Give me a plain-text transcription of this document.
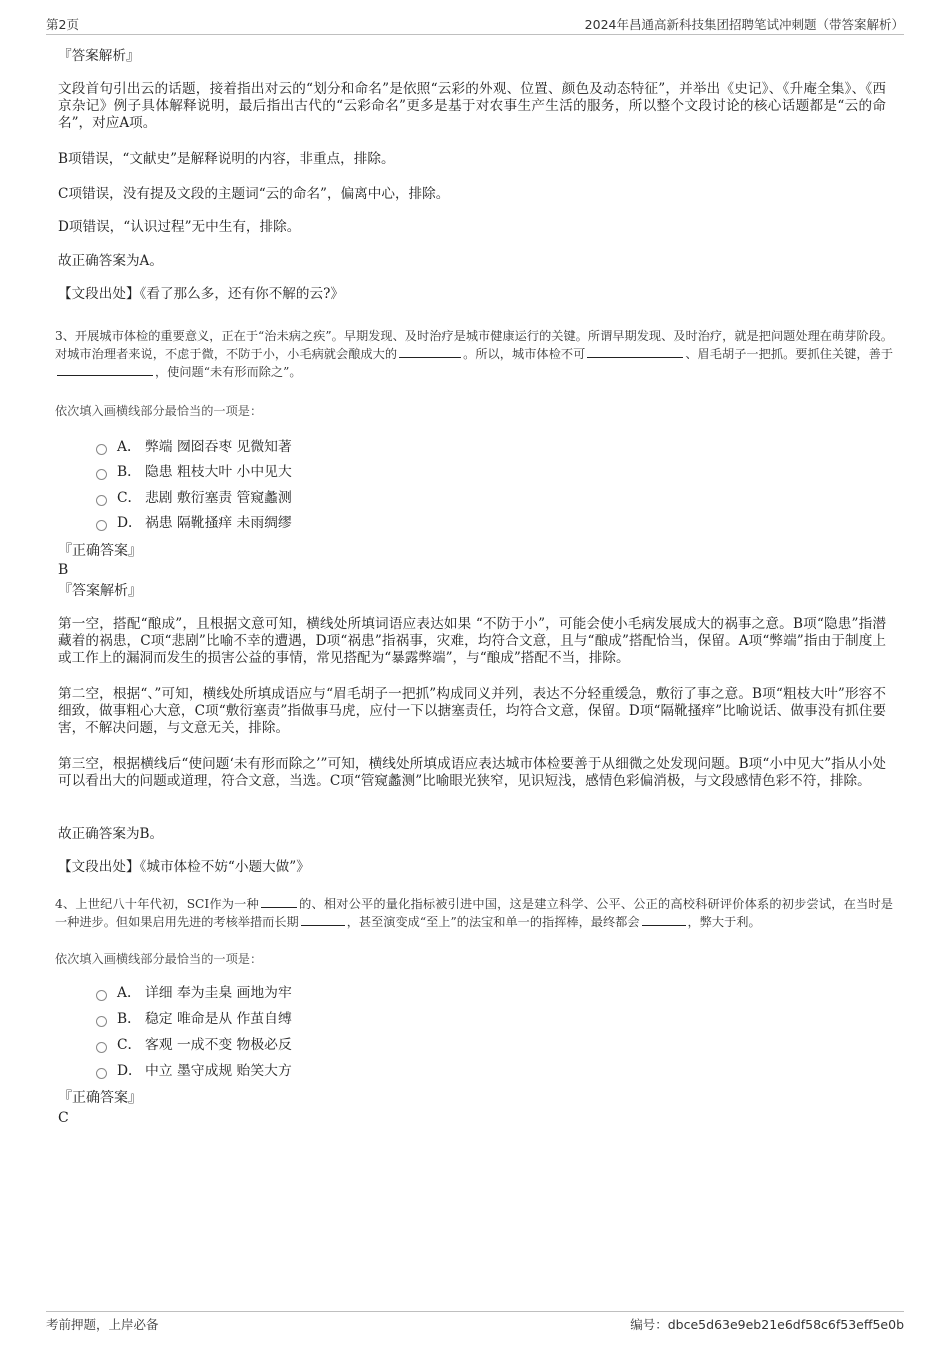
第2页	2024年昌通高新科技集团招聘笔试冲刺题（带答案解析）
『答案解析』
文段首句引出云的话题，接着指出对云的“划分和命名”是依照“云彩的外观、位置、颜色及动态特征”，并举出《史记》、《升庵全集》、《西京杂记》例子具体解释说明，最后指出古代的“云彩命名”更多是基于对农事生产生活的服务，所以整个文段讨论的核心话题都是“云的命名”，对应A项。
B项错误，“文献史”是解释说明的内容，非重点，排除。
C项错误，没有提及文段的主题词“云的命名”，偏离中心，排除。
D项错误，“认识过程”无中生有，排除。
故正确答案为A。
【文段出处】《看了那么多，还有你不解的云?》
3、开展城市体检的重要意义，正在于“治未病之疾”。早期发现、及时治疗是城市健康运行的关键。所谓早期发现、及时治疗，就是把问题处理在萌芽阶段。对城市治理者来说，不虑于微，不防于小，小毛病就会酿成大的	。所以，城市体检不可	、眉毛胡子一把抓。要抓住关键，善于，使问题“未有形而除之”。
依次填入画横线部分最恰当的一项是：
A． 弊端 囫囵吞枣 见微知著
B． 隐患 粗枝大叶 小中见大
C． 悲剧 敷衍塞责 管窥蠡测
D． 祸患 隔靴搔痒 未雨绸缪
『正确答案』
B
『答案解析』
第一空，搭配“酿成”，且根据文意可知，横线处所填词语应表达如果 “不防于小”，可能会使小毛病发展成大的祸事之意。B项“隐患”指潜藏着的祸患，C项“悲剧”比喻不幸的遭遇，D项“祸患”指祸事，灾难，均符合文意，且与“酿成”搭配恰当，保留。A项“弊端”指由于制度上或工作上的漏洞而发生的损害公益的事情，常见搭配为“暴露弊端”，与“酿成”搭配不当，排除。
第二空，根据“、”可知，横线处所填成语应与“眉毛胡子一把抓”构成同义并列，表达不分轻重缓急，敷衍了事之意。B项“粗枝大叶”形容不细致，做事粗心大意，C项“敷衍塞责”指做事马虎，应付一下以搪塞责任，均符合文意，保留。D项“隔靴搔痒”比喻说话、做事没有抓住要害，不解决问题，与文意无关，排除。
第三空，根据横线后“使问题‘未有形而除之’”可知，横线处所填成语应表达城市体检要善于从细微之处发现问题。B项“小中见大”指从小处可以看出大的问题或道理，符合文意，当选。C项“管窥蠡测”比喻眼光狭窄，见识短浅，感情色彩偏消极，与文段感情色彩不符，排除。
故正确答案为B。
【文段出处】《城市体检不妨“小题大做”》
4、上世纪八十年代初，SCI作为一种	的、相对公平的量化指标被引进中国，这是建立科学、公平、公正的高校科研评价体系的初步尝试，在当时是一种进步。但如果启用先进的考核举措而长期	，甚至演变成“至上”的法宝和单一的指挥棒，最终都会	，弊大于利。
依次填入画横线部分最恰当的一项是：
A． 详细 奉为圭臬 画地为牢
B． 稳定 唯命是从 作茧自缚
C． 客观 一成不变 物极必反
D． 中立 墨守成规 贻笑大方
『正确答案』
C
考前押题，上岸必备	编号：dbce5d63e9eb21e6df58c6f53eff5e0b
